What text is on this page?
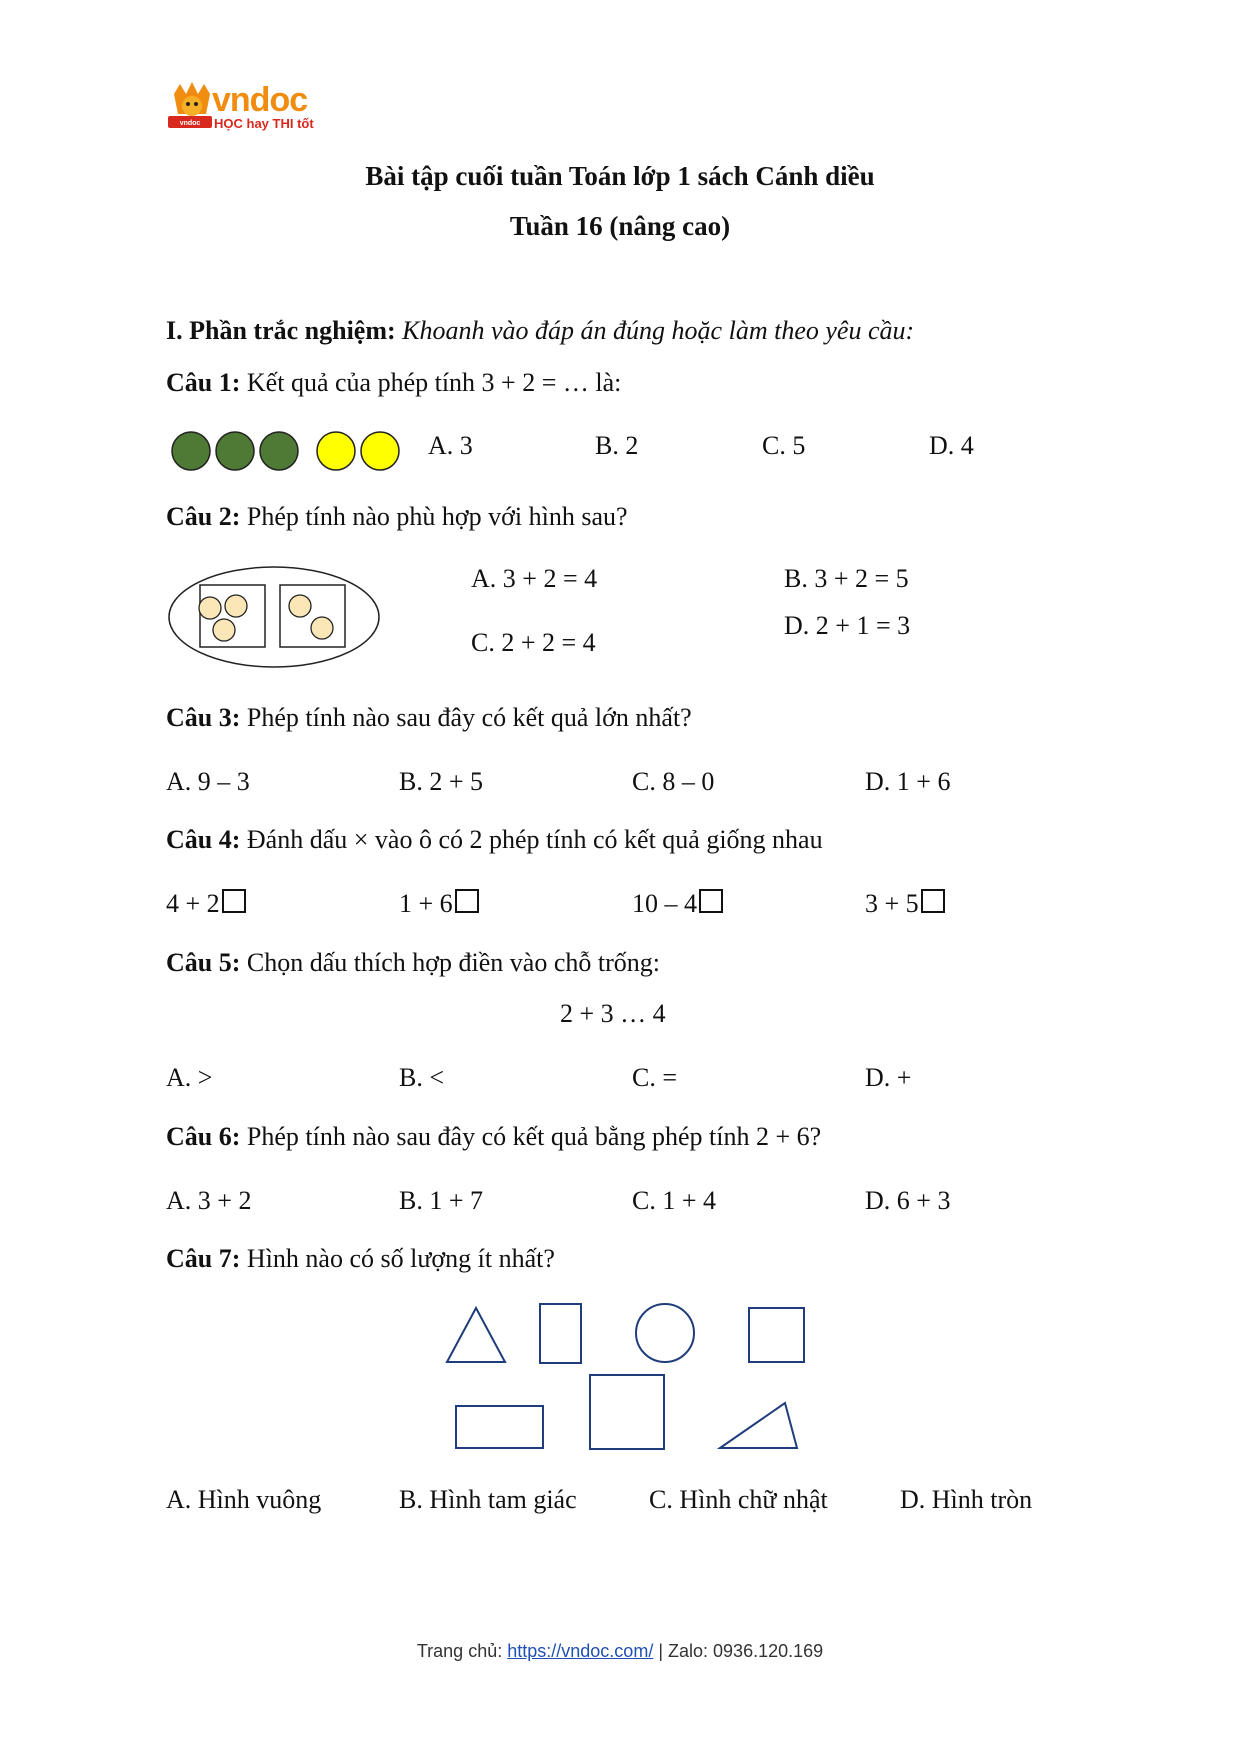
vndoc
vndoc
HỌC hay THI tốt
Bài tập cuối tuần Toán lớp 1 sách Cánh diều
Tuần 16 (nâng cao)
I. Phần trắc nghiệm: Khoanh vào đáp án đúng hoặc làm theo yêu cầu:
Câu 1: Kết quả của phép tính 3 + 2 = … là:
A. 3	B. 2	C. 5	D. 4
Câu 2: Phép tính nào phù hợp với hình sau?
A. 3 + 2 = 4	B. 3 + 2 = 5
C. 2 + 2 = 4
D. 2 + 1 = 3
Câu 3: Phép tính nào sau đây có kết quả lớn nhất?
A. 9 – 3	B. 2 + 5	C. 8 – 0	D. 1 + 6
Câu 4: Đánh dấu × vào ô có 2 phép tính có kết quả giống nhau
4 + 2	1 + 6	10 – 4	3 + 5
Câu 5: Chọn dấu thích hợp điền vào chỗ trống:
2 + 3 … 4
A. >	B. <	C. =	D. +
Câu 6: Phép tính nào sau đây có kết quả bằng phép tính 2 + 6?
A. 3 + 2	B. 1 + 7	C. 1 + 4	D. 6 + 3
Câu 7: Hình nào có số lượng ít nhất?
A. Hình vuông	B. Hình tam giác	C. Hình chữ nhật	D. Hình tròn
Trang chủ: https://vndoc.com/ | Zalo: 0936.120.169
